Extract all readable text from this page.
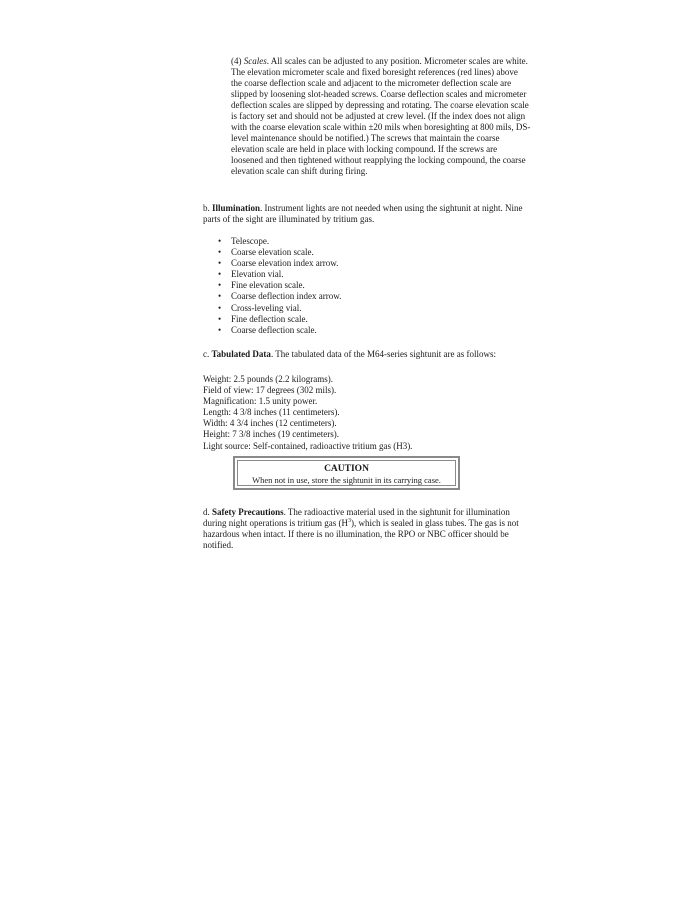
(4) Scales. All scales can be adjusted to any position. Micrometer scales are white. The elevation micrometer scale and fixed boresight references (red lines) above the coarse deflection scale and adjacent to the micrometer deflection scale are slipped by loosening slot-headed screws. Coarse deflection scales and micrometer deflection scales are slipped by depressing and rotating. The coarse elevation scale is factory set and should not be adjusted at crew level. (If the index does not align with the coarse elevation scale within ±20 mils when boresighting at 800 mils, DS-level maintenance should be notified.) The screws that maintain the coarse elevation scale are held in place with locking compound. If the screws are loosened and then tightened without reapplying the locking compound, the coarse elevation scale can shift during firing.

b. Illumination. Instrument lights are not needed when using the sightunit at night. Nine parts of the sight are illuminated by tritium gas.

• Telescope.
• Coarse elevation scale.
• Coarse elevation index arrow.
• Elevation vial.
• Fine elevation scale.
• Coarse deflection index arrow.
• Cross-leveling vial.
• Fine deflection scale.
• Coarse deflection scale.

c. Tabulated Data. The tabulated data of the M64-series sightunit are as follows:

Weight: 2.5 pounds (2.2 kilograms).
Field of view: 17 degrees (302 mils).
Magnification: 1.5 unity power.
Length: 4 3/8 inches (11 centimeters).
Width: 4 3/4 inches (12 centimeters).
Height: 7 3/8 inches (19 centimeters).
Light source: Self-contained, radioactive tritium gas (H3).
CAUTION
When not in use, store the sightunit in its carrying case.

d. Safety Precautions. The radioactive material used in the sightunit for illumination during night operations is tritium gas $(H^3)$, which is sealed in glass tubes. The gas is not hazardous when intact. If there is no illumination, the RPO or NBC officer should be notified.
